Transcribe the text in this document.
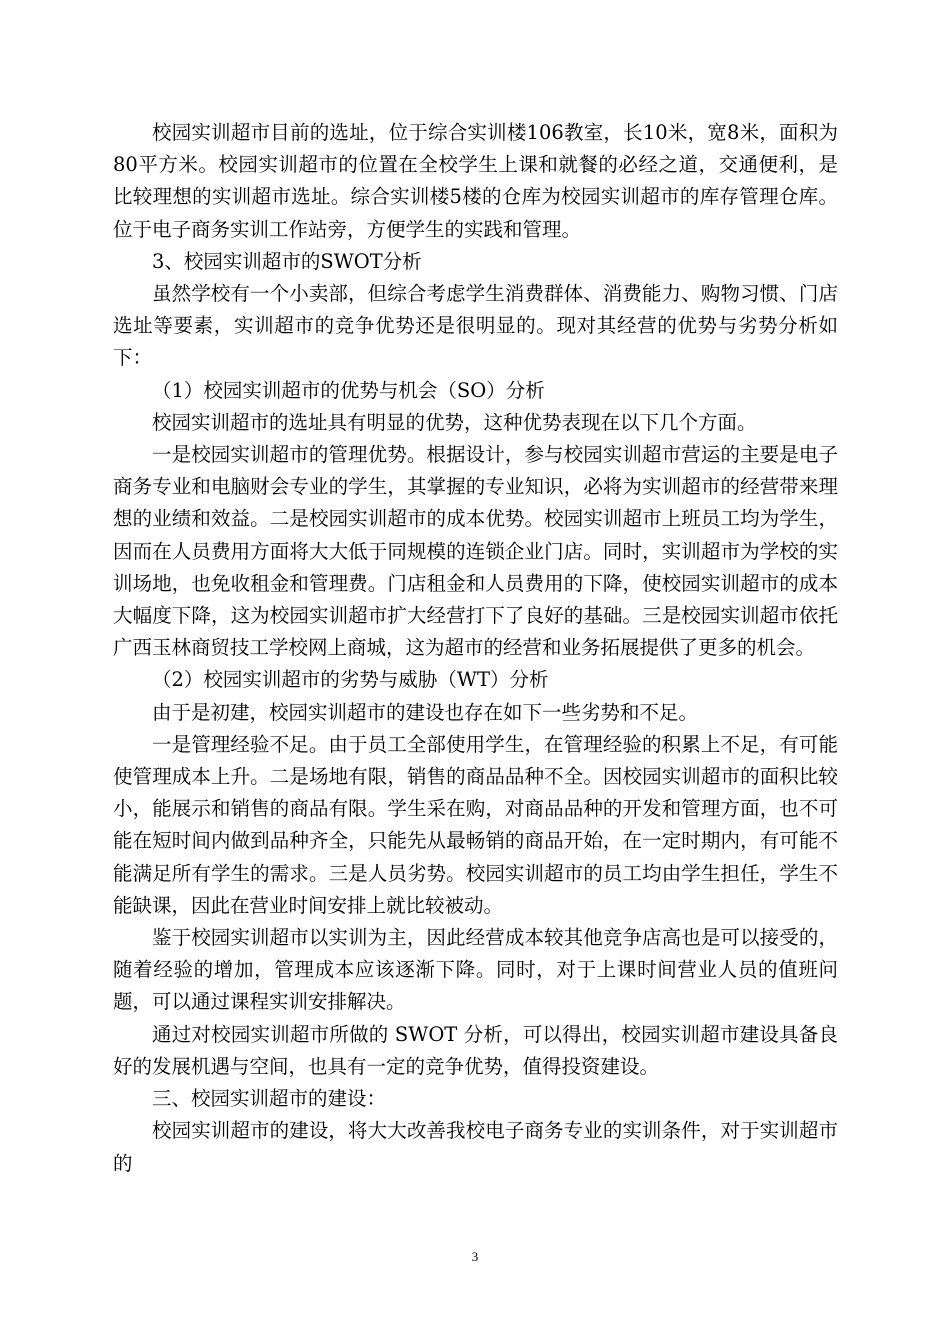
校园实训超市目前的选址，位于综合实训楼106教室，长10米，宽8米，面积为80平方米。校园实训超市的位置在全校学生上课和就餐的必经之道，交通便利，是比较理想的实训超市选址。综合实训楼5楼的仓库为校园实训超市的库存管理仓库。位于电子商务实训工作站旁，方便学生的实践和管理。

3、校园实训超市的SWOT分析

虽然学校有一个小卖部，但综合考虑学生消费群体、消费能力、购物习惯、门店选址等要素，实训超市的竞争优势还是很明显的。现对其经营的优势与劣势分析如下：

（1）校园实训超市的优势与机会（SO）分析

校园实训超市的选址具有明显的优势，这种优势表现在以下几个方面。

一是校园实训超市的管理优势。根据设计，参与校园实训超市营运的主要是电子商务专业和电脑财会专业的学生，其掌握的专业知识，必将为实训超市的经营带来理想的业绩和效益。二是校园实训超市的成本优势。校园实训超市上班员工均为学生，因而在人员费用方面将大大低于同规模的连锁企业门店。同时，实训超市为学校的实训场地，也免收租金和管理费。门店租金和人员费用的下降，使校园实训超市的成本大幅度下降，这为校园实训超市扩大经营打下了良好的基础。三是校园实训超市依托广西玉林商贸技工学校网上商城，这为超市的经营和业务拓展提供了更多的机会。

（2）校园实训超市的劣势与威胁（WT）分析

由于是初建，校园实训超市的建设也存在如下一些劣势和不足。

一是管理经验不足。由于员工全部使用学生，在管理经验的积累上不足，有可能使管理成本上升。二是场地有限，销售的商品品种不全。因校园实训超市的面积比较小，能展示和销售的商品有限。学生采在购，对商品品种的开发和管理方面，也不可能在短时间内做到品种齐全，只能先从最畅销的商品开始，在一定时期内，有可能不能满足所有学生的需求。三是人员劣势。校园实训超市的员工均由学生担任，学生不能缺课，因此在营业时间安排上就比较被动。

鉴于校园实训超市以实训为主，因此经营成本较其他竞争店高也是可以接受的，随着经验的增加，管理成本应该逐渐下降。同时，对于上课时间营业人员的值班问题，可以通过课程实训安排解决。

通过对校园实训超市所做的 SWOT 分析，可以得出，校园实训超市建设具备良好的发展机遇与空间，也具有一定的竞争优势，值得投资建设。

三、校园实训超市的建设：

校园实训超市的建设，将大大改善我校电子商务专业的实训条件，对于实训超市的

3
